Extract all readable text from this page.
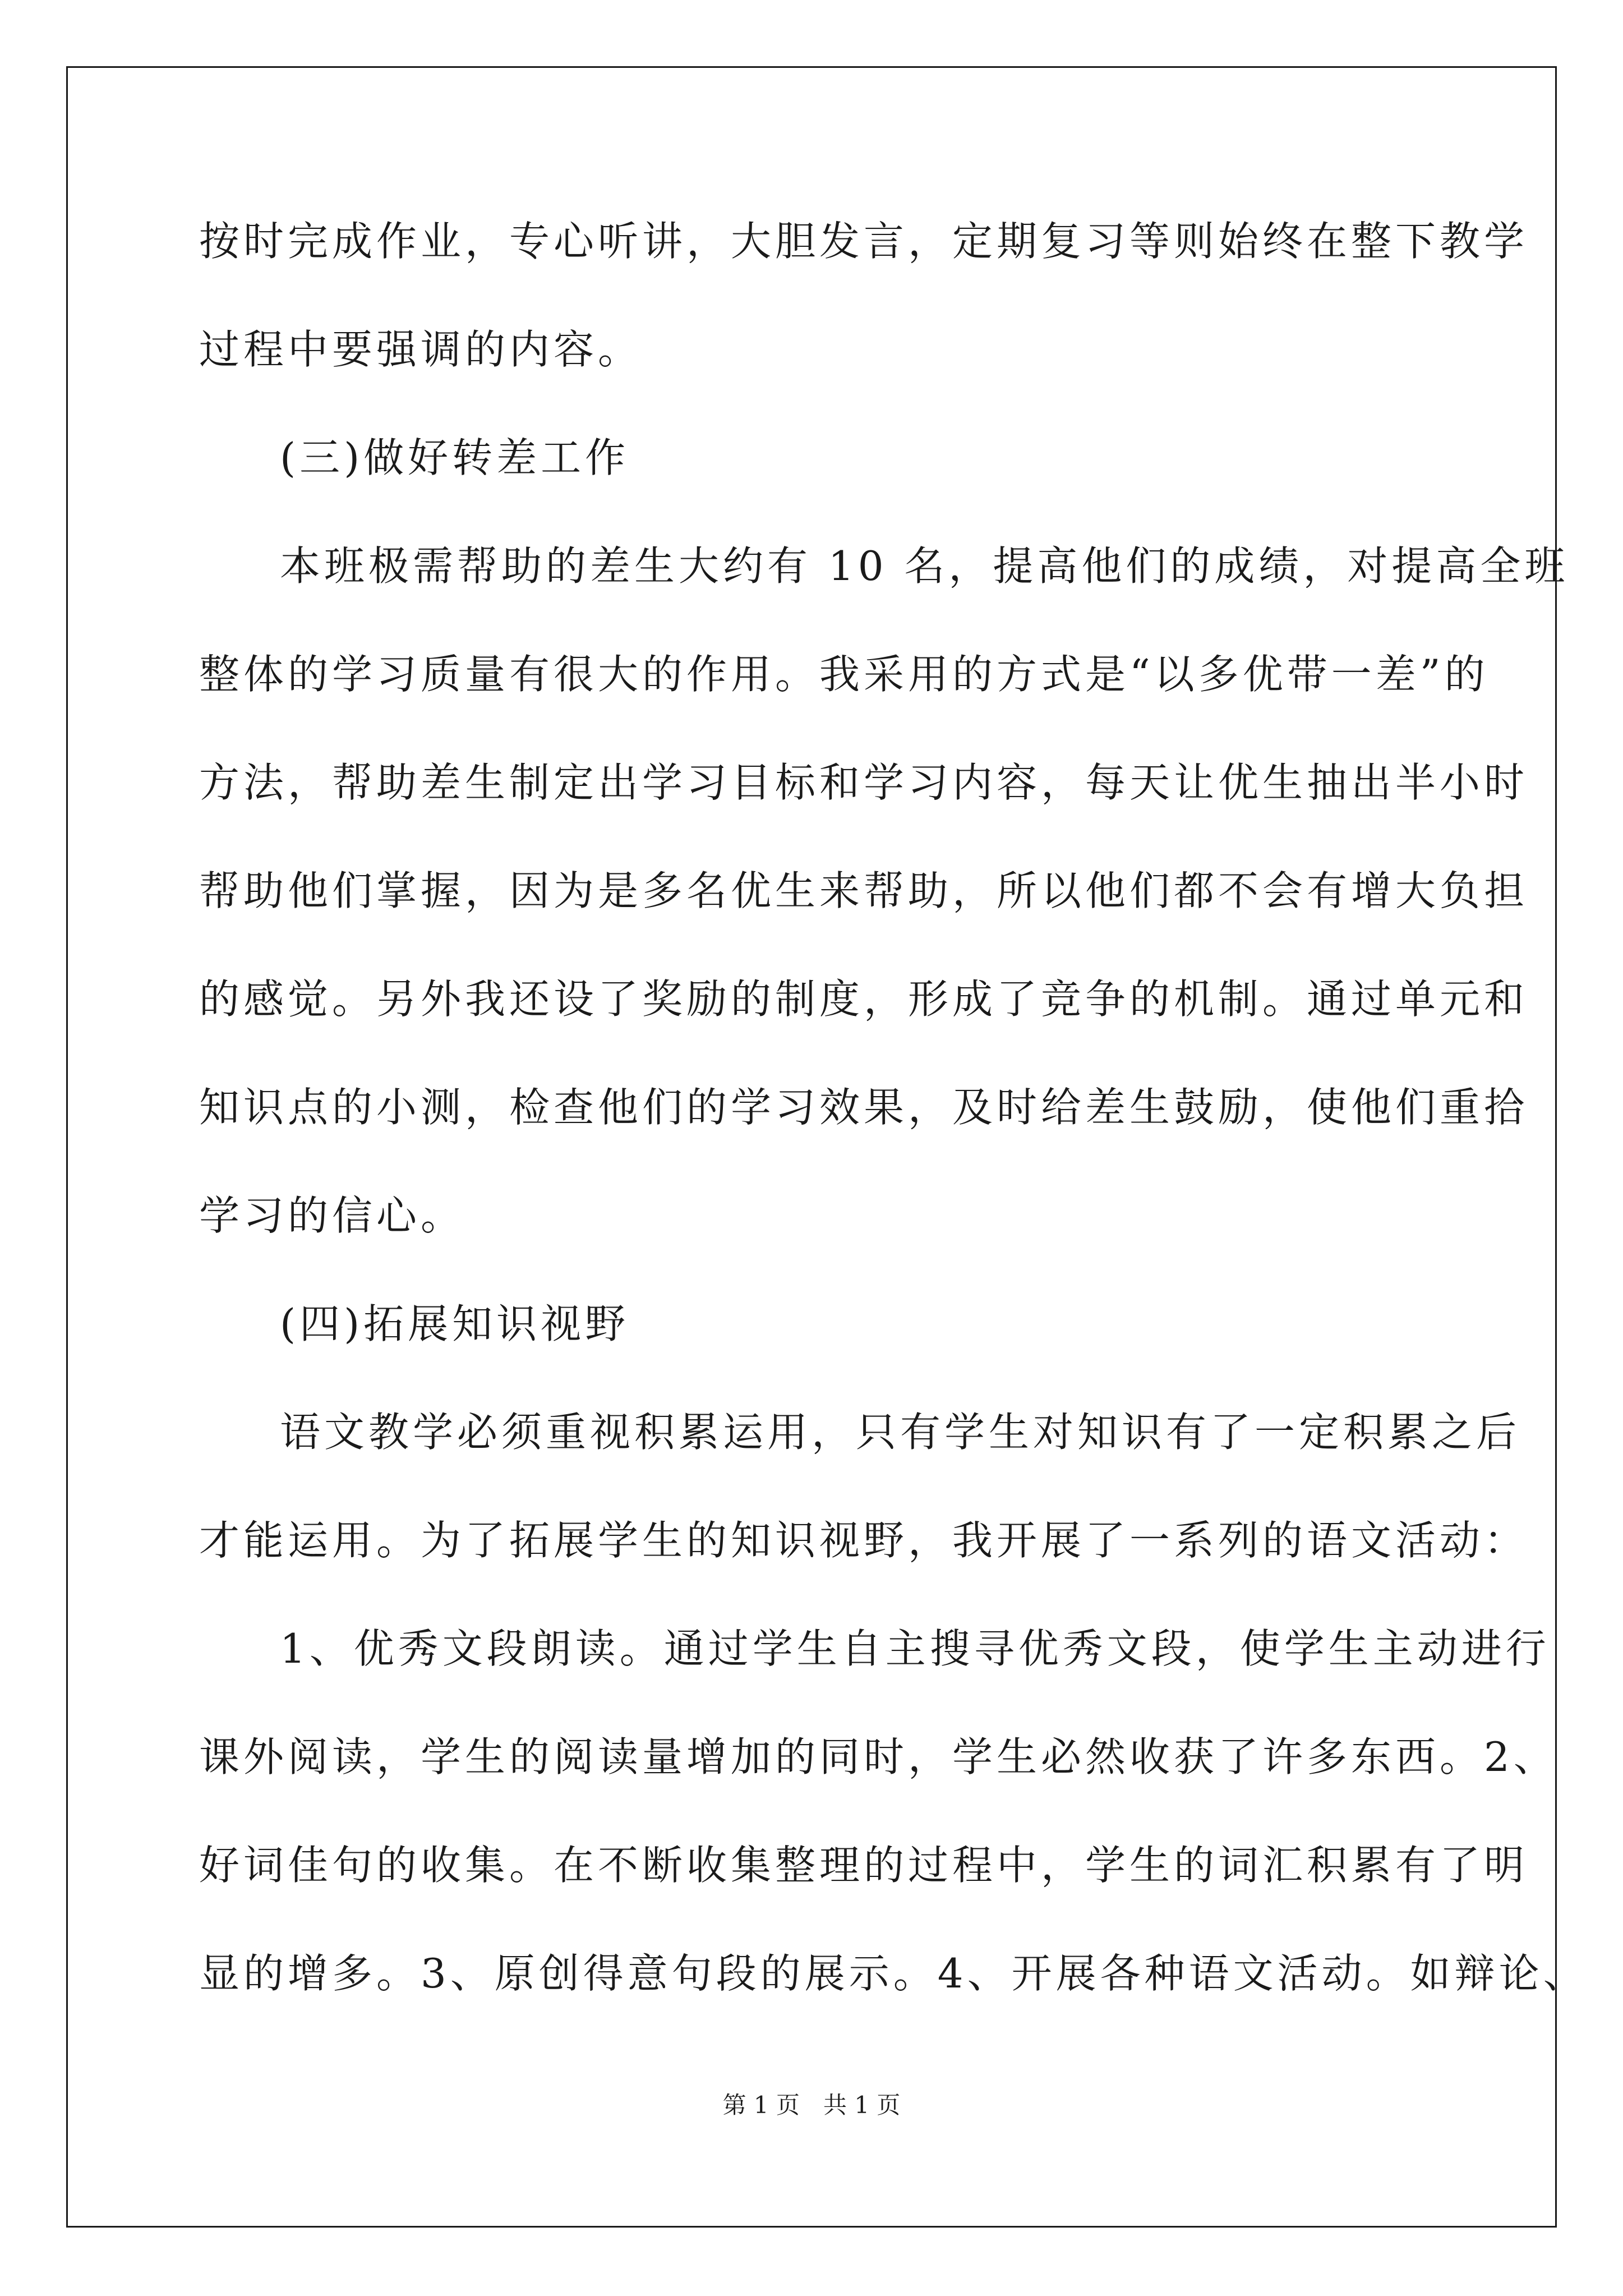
按时完成作业，专心听讲，大胆发言，定期复习等则始终在整下教学
过程中要强调的内容。
(三)做好转差工作
本班极需帮助的差生大约有 10 名，提高他们的成绩，对提高全班
整体的学习质量有很大的作用。我采用的方式是“以多优带一差”的
方法，帮助差生制定出学习目标和学习内容，每天让优生抽出半小时
帮助他们掌握，因为是多名优生来帮助，所以他们都不会有增大负担
的感觉。另外我还设了奖励的制度，形成了竞争的机制。通过单元和
知识点的小测，检查他们的学习效果，及时给差生鼓励，使他们重拾
学习的信心。
(四)拓展知识视野
语文教学必须重视积累运用，只有学生对知识有了一定积累之后
才能运用。为了拓展学生的知识视野，我开展了一系列的语文活动：
1、优秀文段朗读。通过学生自主搜寻优秀文段，使学生主动进行
课外阅读，学生的阅读量增加的同时，学生必然收获了许多东西。2、
好词佳句的收集。在不断收集整理的过程中，学生的词汇积累有了明
显的增多。3、原创得意句段的展示。4、开展各种语文活动。如辩论、
第 1 页　共 1 页
